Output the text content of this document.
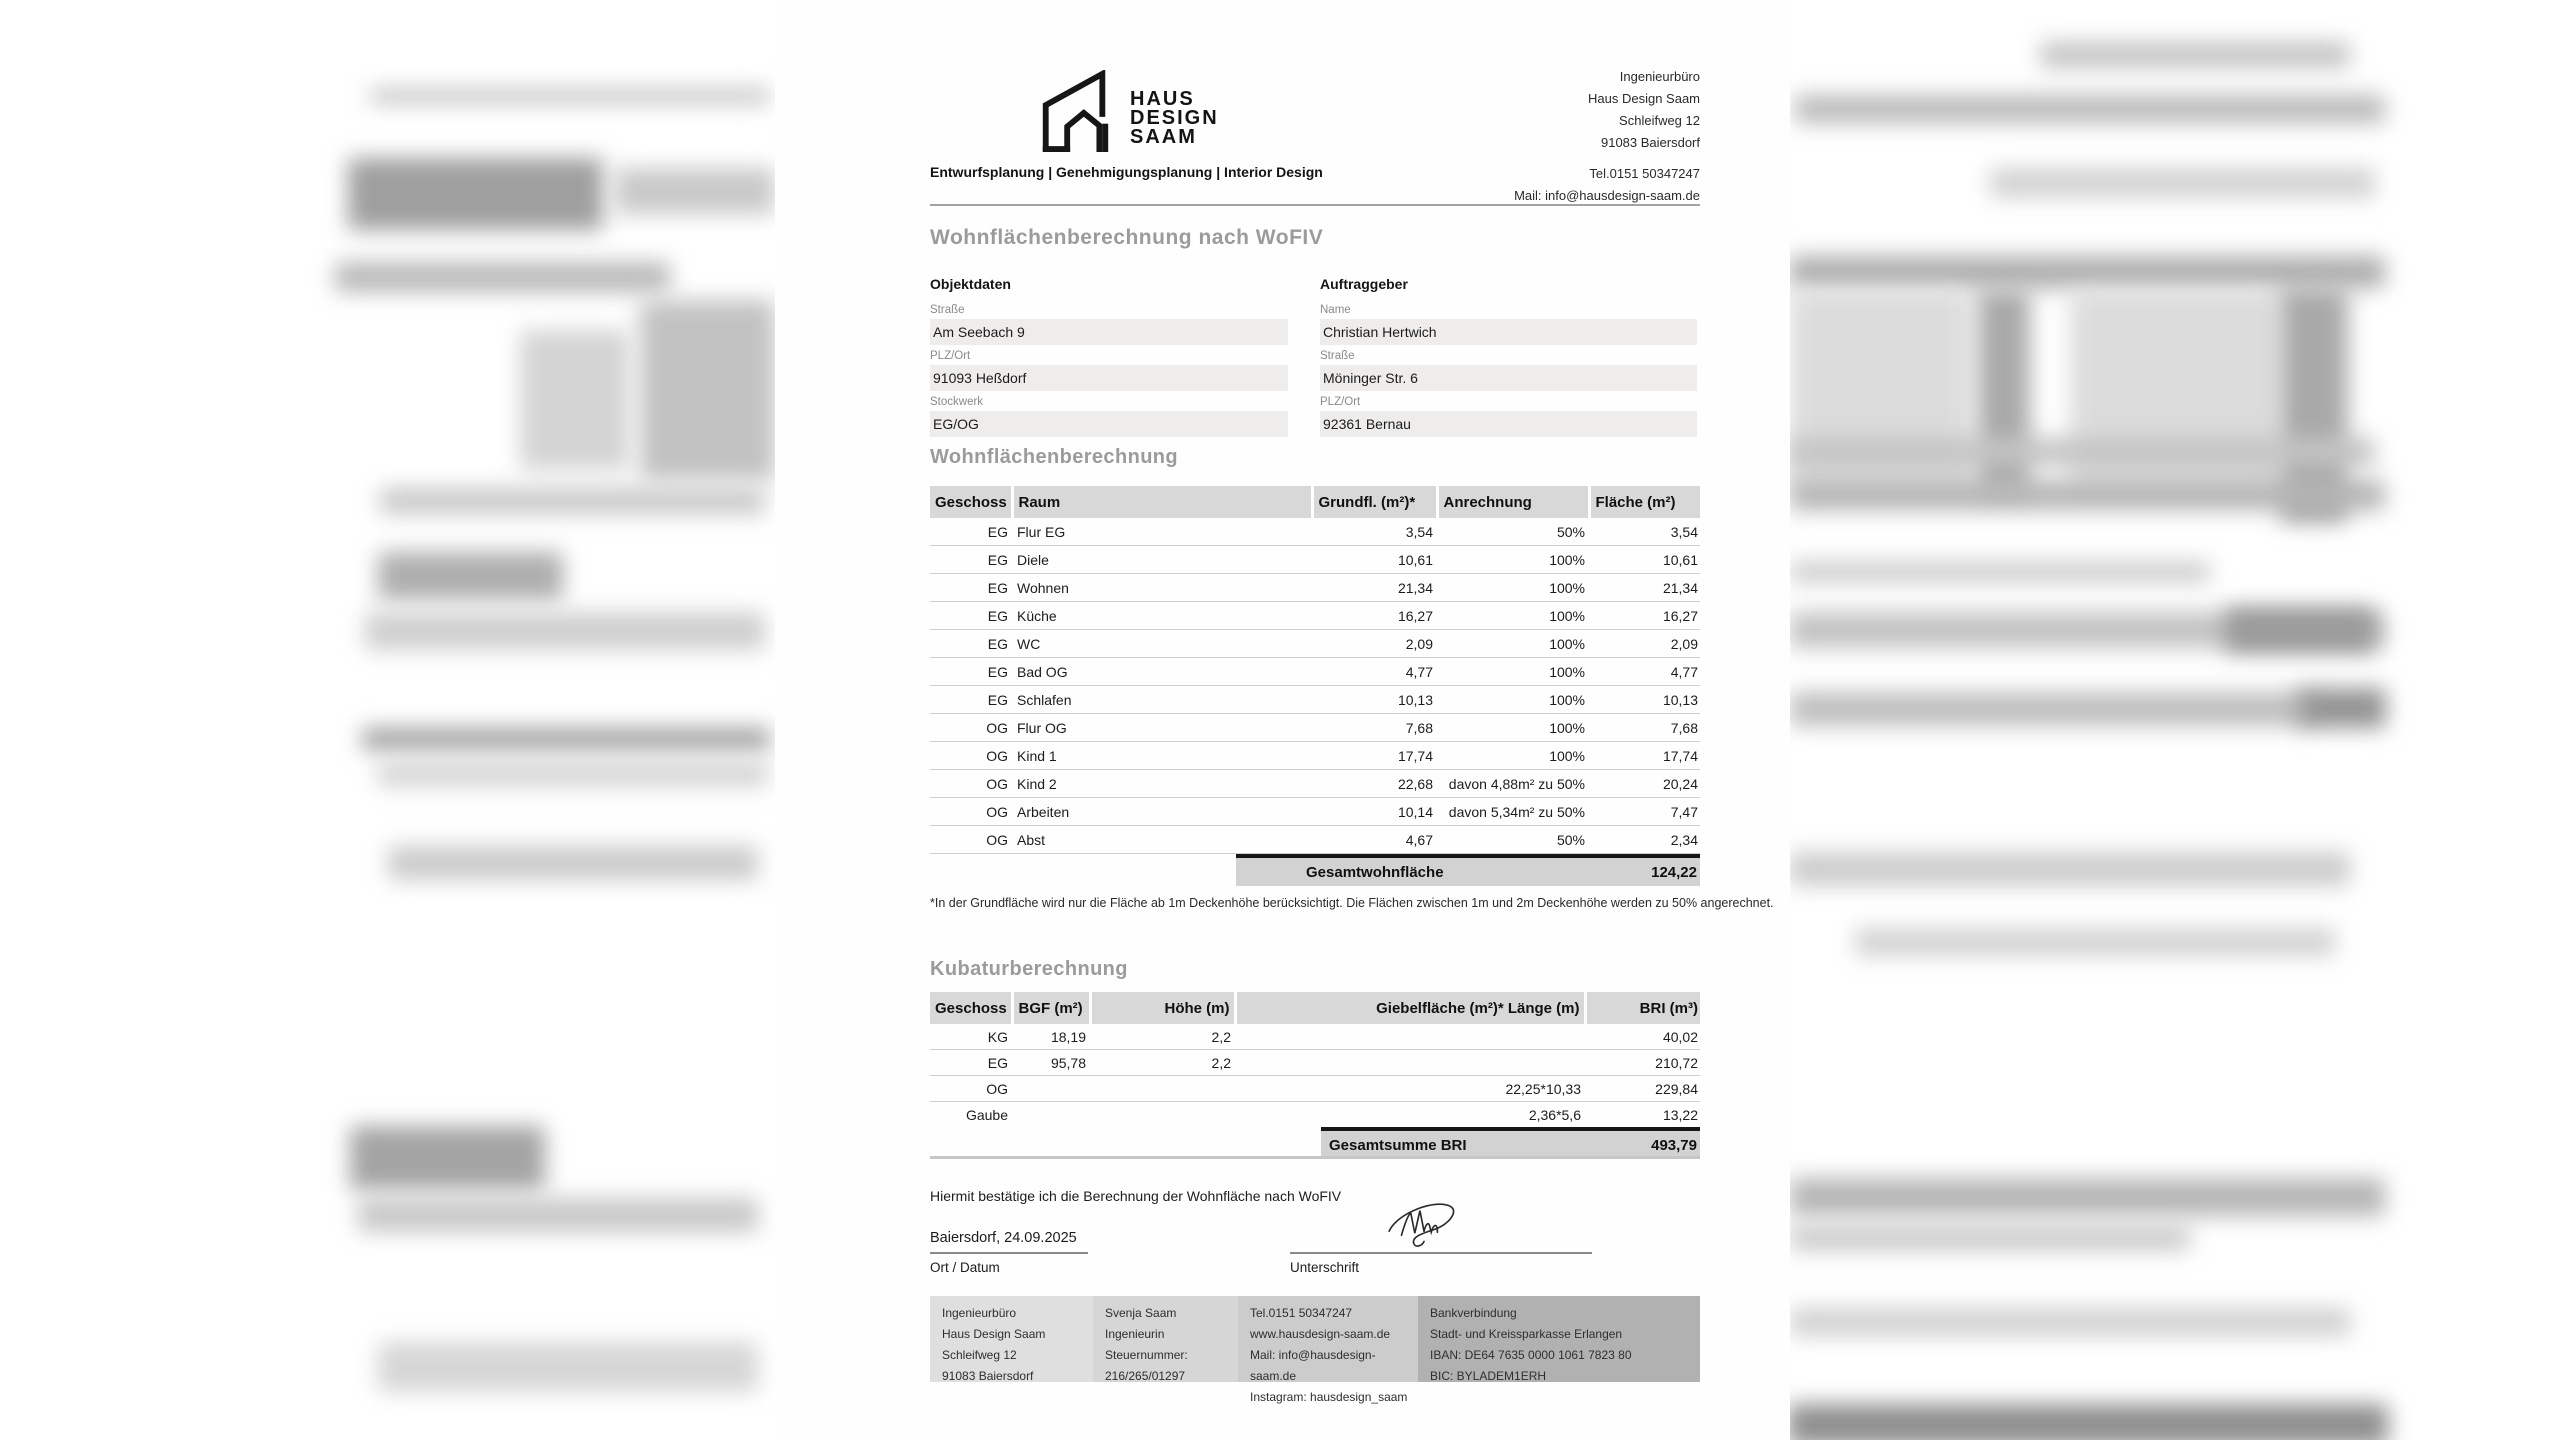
HAUS
DESIGN
SAAM
Entwurfsplanung | Genehmigungsplanung | Interior Design
Ingenieurbüro
Haus Design Saam
Schleifweg 12
91083 Baiersdorf
Tel.0151 50347247
Mail: info@hausdesign-saam.de
Wohnflächenberechnung nach WoFIV
Objektdaten
Straße
Am Seebach 9
PLZ/Ort
91093 Heßdorf
Stockwerk
EG/OG
Auftraggeber
Name
Christian Hertwich
Straße
Möninger Str. 6
PLZ/Ort
92361 Bernau
Wohnflächenberechnung
Geschoss	Raum	Grundfl. (m²)*	Anrechnung	Fläche (m²)
EG	Flur EG	3,54	50%	3,54
EG	Diele	10,61	100%	10,61
EG	Wohnen	21,34	100%	21,34
EG	Küche	16,27	100%	16,27
EG	WC	2,09	100%	2,09
EG	Bad OG	4,77	100%	4,77
EG	Schlafen	10,13	100%	10,13
OG	Flur OG	7,68	100%	7,68
OG	Kind 1	17,74	100%	17,74
OG	Kind 2	22,68	davon 4,88m² zu 50%	20,24
OG	Arbeiten	10,14	davon 5,34m² zu 50%	7,47
OG	Abst	4,67	50%	2,34
Gesamtwohnfläche	124,22
*In der Grundfläche wird nur die Fläche ab 1m Deckenhöhe berücksichtigt. Die Flächen zwischen 1m und 2m Deckenhöhe werden zu 50% angerechnet.
Kubaturberechnung
Geschoss	BGF (m²)	Höhe (m)	Giebelfläche (m²)* Länge (m)	BRI (m³)
KG	18,19	2,2		40,02
EG	95,78	2,2		210,72
OG			22,25*10,33	229,84
Gaube			2,36*5,6	13,22
Gesamtsumme BRI	493,79
Hiermit bestätige ich die Berechnung der Wohnfläche nach WoFIV
Baiersdorf, 24.09.2025
Ort / Datum	Unterschrift
Ingenieurbüro
Haus Design Saam
Schleifweg 12
91083 Baiersdorf
Svenja Saam
Ingenieurin
Steuernummer:
216/265/01297
Tel.0151 50347247
www.hausdesign-saam.de
Mail: info@hausdesign-saam.de
Instagram: hausdesign_saam
Bankverbindung
Stadt- und Kreissparkasse Erlangen
IBAN: DE64 7635 0000 1061 7823 80
BIC: BYLADEM1ERH
